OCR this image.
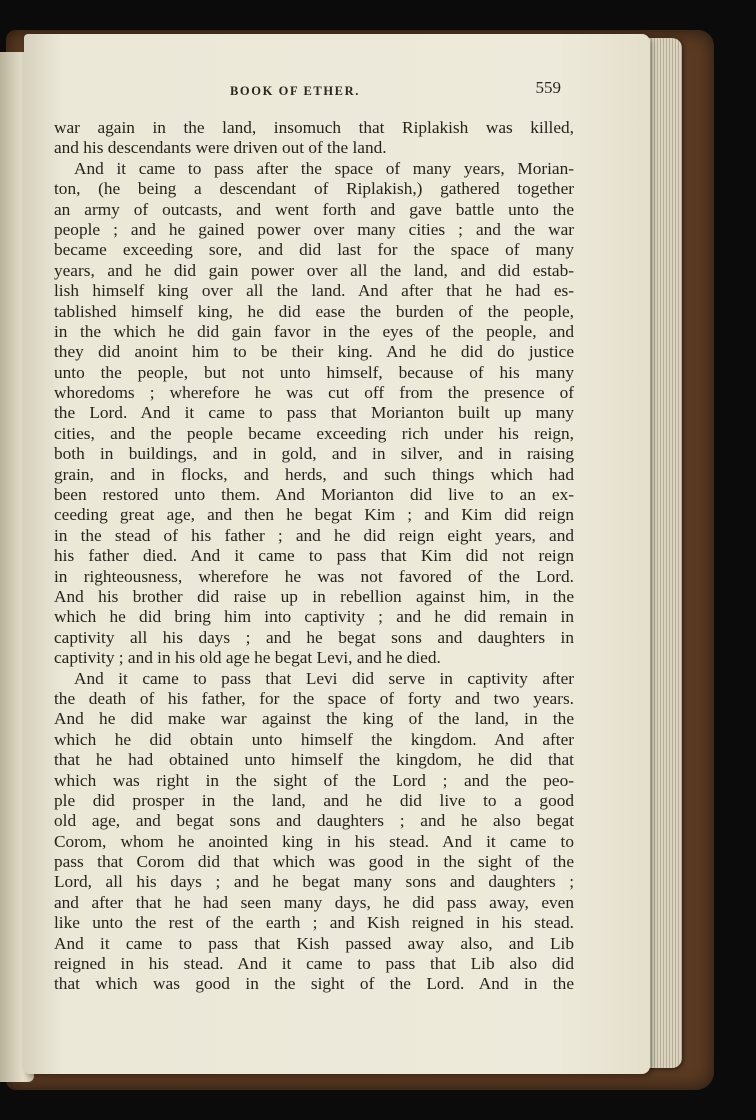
BOOK OF ETHER.	559
war again in the land, insomuch that Riplakish was killed,
and his descendants were driven out of the land.
And it came to pass after the space of many years, Morian-
ton, (he being a descendant of Riplakish,) gathered together
an army of outcasts, and went forth and gave battle unto the
people ; and he gained power over many cities ; and the war
became exceeding sore, and did last for the space of many
years, and he did gain power over all the land, and did estab-
lish himself king over all the land. And after that he had es-
tablished himself king, he did ease the burden of the people,
in the which he did gain favor in the eyes of the people, and
they did anoint him to be their king. And he did do justice
unto the people, but not unto himself, because of his many
whoredoms ; wherefore he was cut off from the presence of
the Lord. And it came to pass that Morianton built up many
cities, and the people became exceeding rich under his reign,
both in buildings, and in gold, and in silver, and in raising
grain, and in flocks, and herds, and such things which had
been restored unto them. And Morianton did live to an ex-
ceeding great age, and then he begat Kim ; and Kim did reign
in the stead of his father ; and he did reign eight years, and
his father died. And it came to pass that Kim did not reign
in righteousness, wherefore he was not favored of the Lord.
And his brother did raise up in rebellion against him, in the
which he did bring him into captivity ; and he did remain in
captivity all his days ; and he begat sons and daughters in
captivity ; and in his old age he begat Levi, and he died.
And it came to pass that Levi did serve in captivity after
the death of his father, for the space of forty and two years.
And he did make war against the king of the land, in the
which he did obtain unto himself the kingdom. And after
that he had obtained unto himself the kingdom, he did that
which was right in the sight of the Lord ; and the peo-
ple did prosper in the land, and he did live to a good
old age, and begat sons and daughters ; and he also begat
Corom, whom he anointed king in his stead. And it came to
pass that Corom did that which was good in the sight of the
Lord, all his days ; and he begat many sons and daughters ;
and after that he had seen many days, he did pass away, even
like unto the rest of the earth ; and Kish reigned in his stead.
And it came to pass that Kish passed away also, and Lib
reigned in his stead. And it came to pass that Lib also did
that which was good in the sight of the Lord. And in the
